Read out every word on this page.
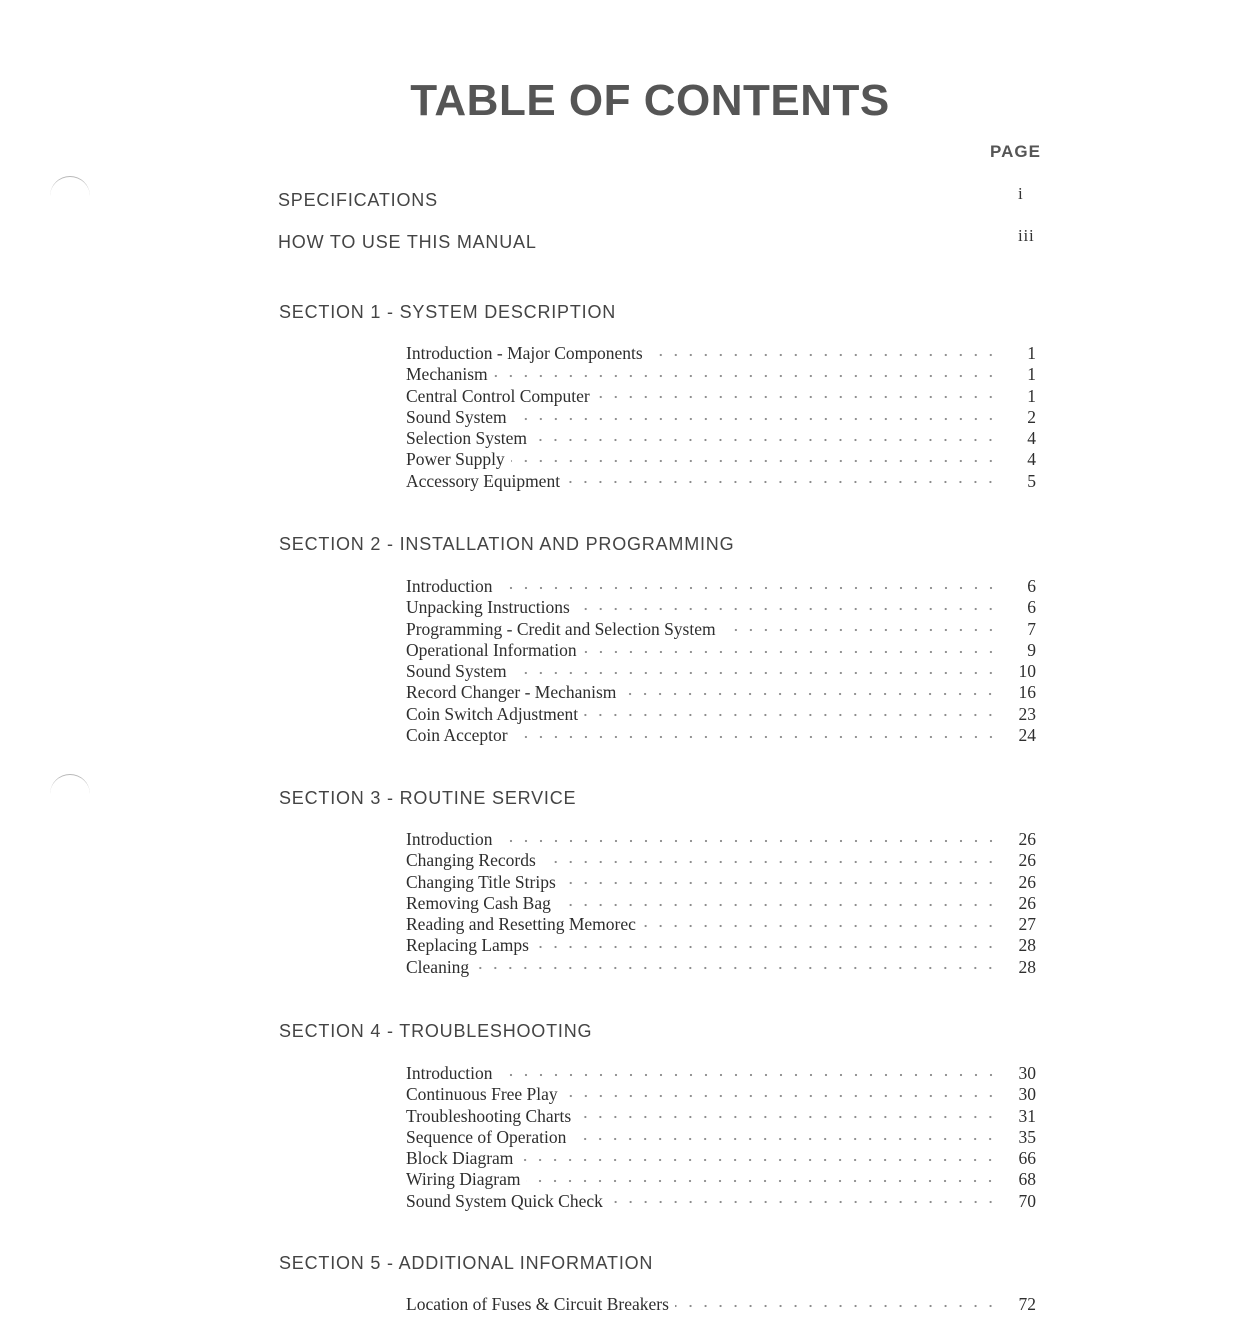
TABLE OF CONTENTS
PAGE
SPECIFICATIONS	i
HOW TO USE THIS MANUAL	iii
SECTION 1 - SYSTEM DESCRIPTION
Introduction - Major Components	1
Mechanism	1
Central Control Computer	1
Sound System	2
Selection System	4
Power Supply	4
Accessory Equipment	5
SECTION 2 - INSTALLATION AND PROGRAMMING
Introduction	6
Unpacking Instructions	6
Programming - Credit and Selection System	7
Operational Information	9
Sound System	10
Record Changer - Mechanism	16
Coin Switch Adjustment	23
Coin Acceptor	24
SECTION 3 - ROUTINE SERVICE
Introduction	26
Changing Records	26
Changing Title Strips	26
Removing Cash Bag	26
Reading and Resetting Memorec	27
Replacing Lamps	28
Cleaning	28
SECTION 4 - TROUBLESHOOTING
Introduction	30
Continuous Free Play	30
Troubleshooting Charts	31
Sequence of Operation	35
Block Diagram	66
Wiring Diagram	68
Sound System Quick Check	70
SECTION 5 - ADDITIONAL INFORMATION
Location of Fuses & Circuit Breakers	72
